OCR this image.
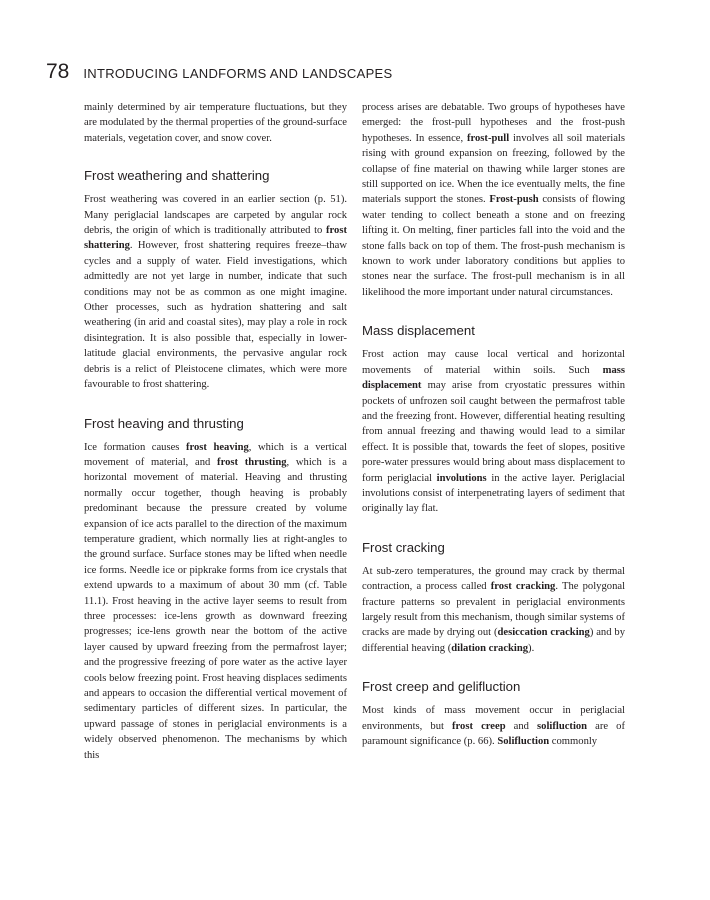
78 INTRODUCING LANDFORMS AND LANDSCAPES

mainly determined by air temperature fluctuations, but they are modulated by the thermal properties of the ground-surface materials, vegetation cover, and snow cover.

Frost weathering and shattering

Frost weathering was covered in an earlier section (p. 51). Many periglacial landscapes are carpeted by angular rock debris, the origin of which is traditionally attributed to frost shattering. However, frost shattering requires freeze–thaw cycles and a supply of water. Field investigations, which admittedly are not yet large in number, indicate that such conditions may not be as common as one might imagine. Other processes, such as hydration shattering and salt weathering (in arid and coastal sites), may play a role in rock disintegration. It is also possible that, especially in lower-latitude glacial environments, the pervasive angular rock debris is a relict of Pleistocene climates, which were more favourable to frost shattering.

Frost heaving and thrusting

Ice formation causes frost heaving, which is a vertical movement of material, and frost thrusting, which is a horizontal movement of material. Heaving and thrusting normally occur together, though heaving is probably predominant because the pressure created by volume expansion of ice acts parallel to the direction of the maximum temperature gradient, which normally lies at right-angles to the ground surface. Surface stones may be lifted when needle ice forms. Needle ice or pipkrake forms from ice crystals that extend upwards to a maximum of about 30 mm (cf. Table 11.1). Frost heaving in the active layer seems to result from three processes: ice-lens growth as downward freezing progresses; ice-lens growth near the bottom of the active layer caused by upward freezing from the permafrost layer; and the progressive freezing of pore water as the active layer cools below freezing point. Frost heaving displaces sediments and appears to occasion the differential vertical movement of sedimentary particles of different sizes. In particular, the upward passage of stones in periglacial environments is a widely observed phenomenon. The mechanisms by which this

process arises are debatable. Two groups of hypotheses have emerged: the frost-pull hypotheses and the frost-push hypotheses. In essence, frost-pull involves all soil materials rising with ground expansion on freezing, followed by the collapse of fine material on thawing while larger stones are still supported on ice. When the ice eventually melts, the fine materials support the stones. Frost-push consists of flowing water tending to collect beneath a stone and on freezing lifting it. On melting, finer particles fall into the void and the stone falls back on top of them. The frost-push mechanism is known to work under laboratory conditions but applies to stones near the surface. The frost-pull mechanism is in all likelihood the more important under natural circumstances.

Mass displacement

Frost action may cause local vertical and horizontal movements of material within soils. Such mass displacement may arise from cryostatic pressures within pockets of unfrozen soil caught between the permafrost table and the freezing front. However, differential heating resulting from annual freezing and thawing would lead to a similar effect. It is possible that, towards the feet of slopes, positive pore-water pressures would bring about mass displacement to form periglacial involutions in the active layer. Periglacial involutions consist of interpenetrating layers of sediment that originally lay flat.

Frost cracking

At sub-zero temperatures, the ground may crack by thermal contraction, a process called frost cracking. The polygonal fracture patterns so prevalent in periglacial environments largely result from this mechanism, though similar systems of cracks are made by drying out (desiccation cracking) and by differential heaving (dilation cracking).

Frost creep and gelifluction

Most kinds of mass movement occur in periglacial environments, but frost creep and solifluction are of paramount significance (p. 66). Solifluction commonly
